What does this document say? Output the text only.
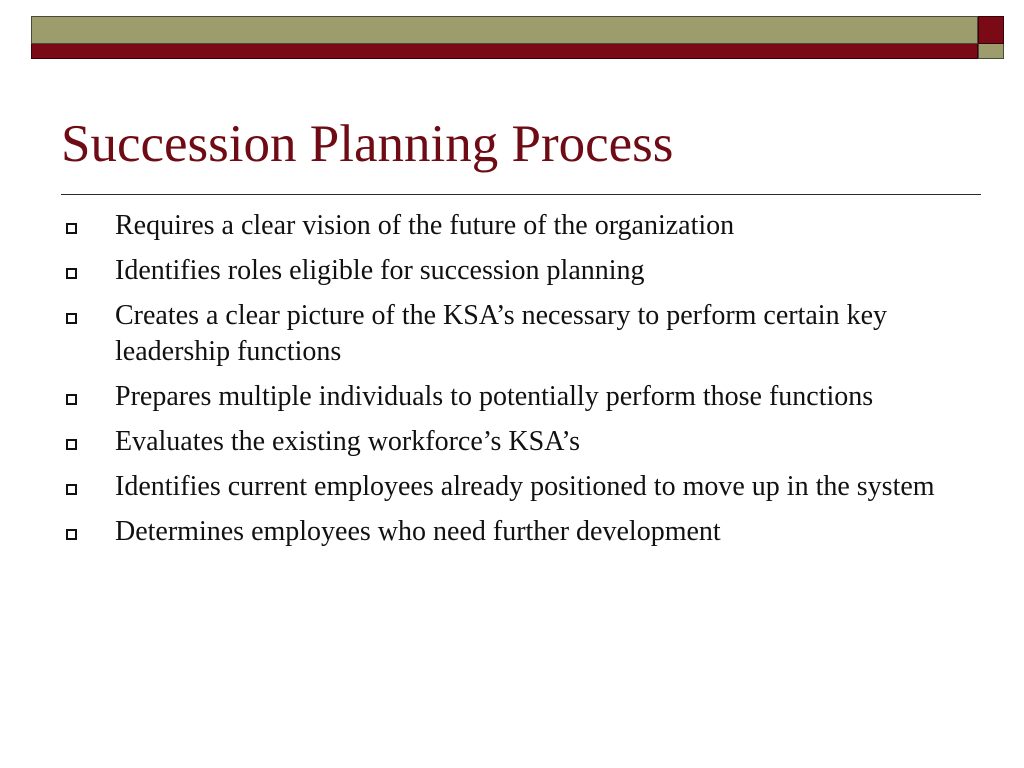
Succession Planning Process
Requires a clear vision of the future of the organization
Identifies roles eligible for succession planning
Creates a clear picture of the KSA’s necessary to perform certain key leadership functions
Prepares multiple individuals to potentially perform those functions
Evaluates the existing workforce’s KSA’s
Identifies current employees already positioned to move up in the system
Determines employees who need further development
